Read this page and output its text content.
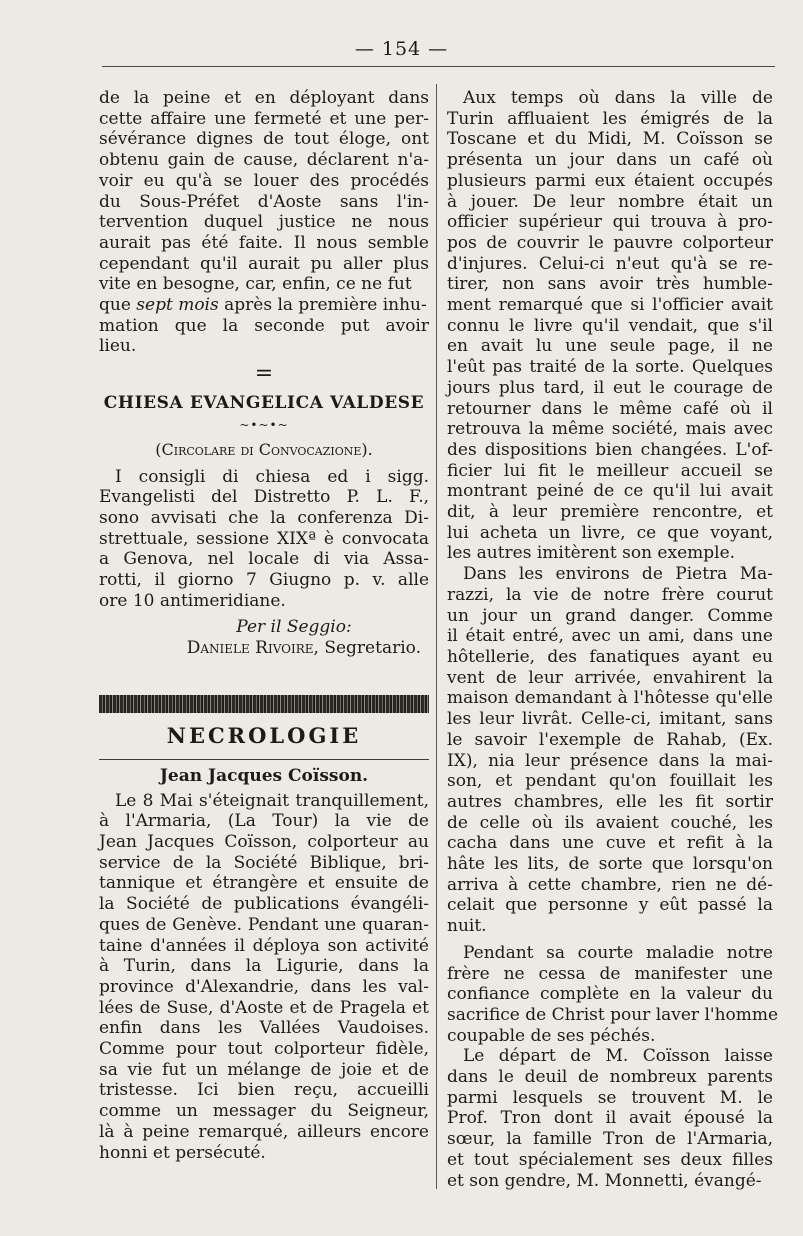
— 154 —
de la peine et en déployant dans
cette affaire une fermeté et une per-
sévérance dignes de tout éloge, ont
obtenu gain de cause, déclarent n'a-
voir eu qu'à se louer des procédés
du Sous-Préfet d'Aoste sans l'in-
tervention duquel justice ne nous
aurait pas été faite. Il nous semble
cependant qu'il aurait pu aller plus
vite en besogne, car, enfin, ce ne fut
que sept mois après la première inhu-
mation que la seconde put avoir
lieu.
=
CHIESA EVANGELICA VALDESE
~•~•~
(Circolare di Convocazione).
I consigli di chiesa ed i sigg.
Evangelisti del Distretto P. L. F.,
sono avvisati che la conferenza Di-
strettuale, sessione XIXª è convocata
a Genova, nel locale di via Assa-
rotti, il giorno 7 Giugno p. v. alle
ore 10 antimeridiane.
Per il Seggio:
Daniele Rivoire, Segretario.
NECROLOGIE
Jean Jacques Coïsson.
Le 8 Mai s'éteignait tranquillement,
à l'Armaria, (La Tour) la vie de
Jean Jacques Coïsson, colporteur au
service de la Société Biblique, bri-
tannique et étrangère et ensuite de
la Société de publications évangéli-
ques de Genève. Pendant une quaran-
taine d'années il déploya son activité
à Turin, dans la Ligurie, dans la
province d'Alexandrie, dans les val-
lées de Suse, d'Aoste et de Pragela et
enfin dans les Vallées Vaudoises.
Comme pour tout colporteur fidèle,
sa vie fut un mélange de joie et de
tristesse. Ici bien reçu, accueilli
comme un messager du Seigneur,
là à peine remarqué, ailleurs encore
honni et persécuté.
Aux temps où dans la ville de
Turin affluaient les émigrés de la
Toscane et du Midi, M. Coïsson se
présenta un jour dans un café où
plusieurs parmi eux étaient occupés
à jouer. De leur nombre était un
officier supérieur qui trouva à pro-
pos de couvrir le pauvre colporteur
d'injures. Celui-ci n'eut qu'à se re-
tirer, non sans avoir très humble-
ment remarqué que si l'officier avait
connu le livre qu'il vendait, que s'il
en avait lu une seule page, il ne
l'eût pas traité de la sorte. Quelques
jours plus tard, il eut le courage de
retourner dans le même café où il
retrouva la même société, mais avec
des dispositions bien changées. L'of-
ficier lui fit le meilleur accueil se
montrant peiné de ce qu'il lui avait
dit, à leur première rencontre, et
lui acheta un livre, ce que voyant,
les autres imitèrent son exemple.
Dans les environs de Pietra Ma-
razzi, la vie de notre frère courut
un jour un grand danger. Comme
il était entré, avec un ami, dans une
hôtellerie, des fanatiques ayant eu
vent de leur arrivée, envahirent la
maison demandant à l'hôtesse qu'elle
les leur livrât. Celle-ci, imitant, sans
le savoir l'exemple de Rahab, (Ex.
IX), nia leur présence dans la mai-
son, et pendant qu'on fouillait les
autres chambres, elle les fit sortir
de celle où ils avaient couché, les
cacha dans une cuve et refit à la
hâte les lits, de sorte que lorsqu'on
arriva à cette chambre, rien ne dé-
celait que personne y eût passé la
nuit.
Pendant sa courte maladie notre
frère ne cessa de manifester une
confiance complète en la valeur du
sacrifice de Christ pour laver l'homme
coupable de ses péchés.
Le départ de M. Coïsson laisse
dans le deuil de nombreux parents
parmi lesquels se trouvent M. le
Prof. Tron dont il avait épousé la
sœur, la famille Tron de l'Armaria,
et tout spécialement ses deux filles
et son gendre, M. Monnetti, évangé-
